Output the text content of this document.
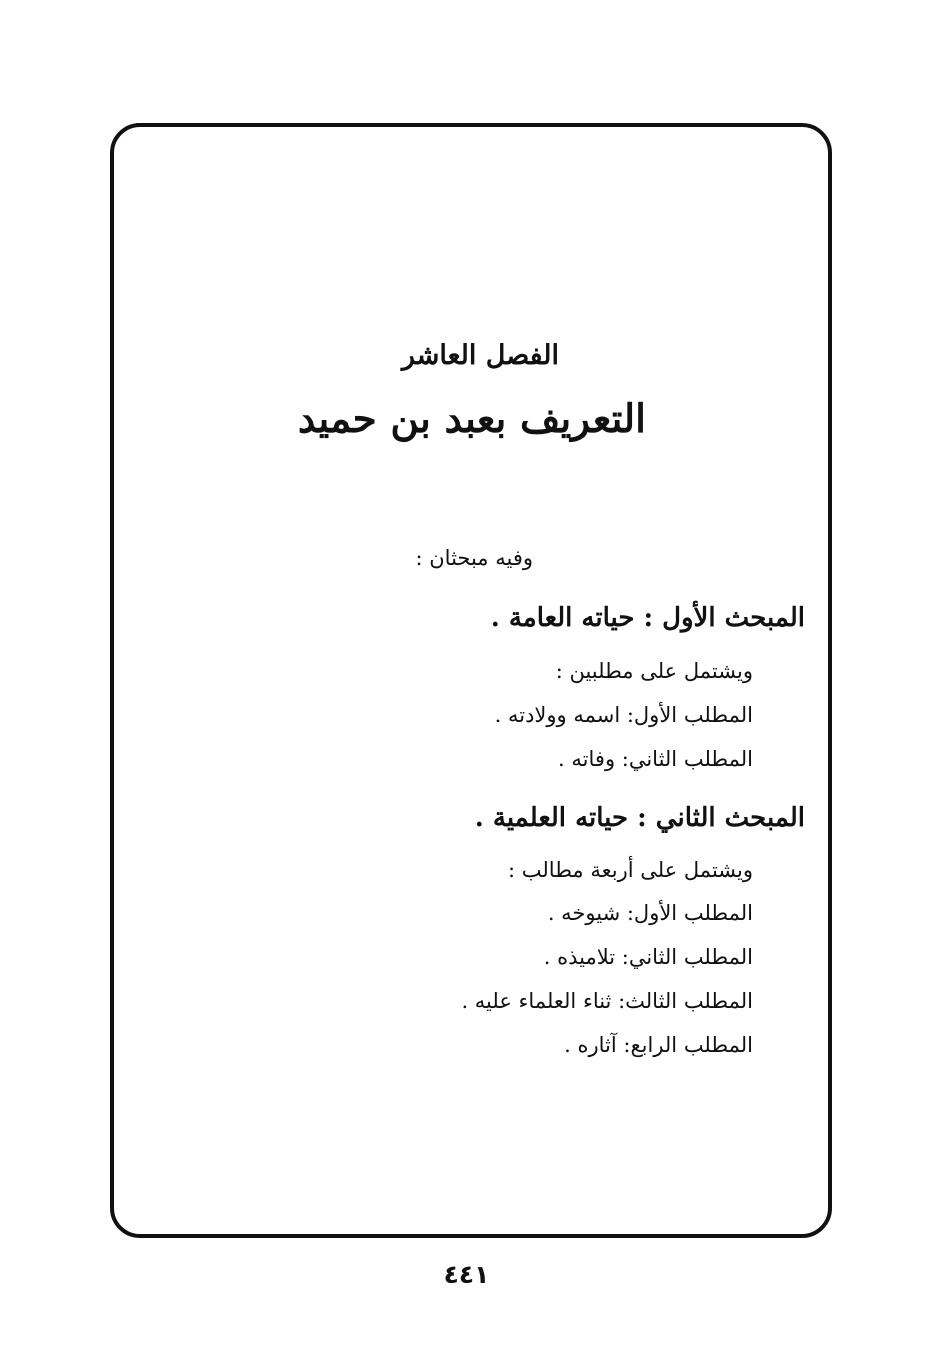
الفصل العاشر
التعريف بعبد بن حميد
وفيه مبحثان :
المبحث الأول : حياته العامة .
ويشتمل على مطلبين :
المطلب الأول: اسمه وولادته .
المطلب الثاني: وفاته .
المبحث الثاني : حياته العلمية .
ويشتمل على أربعة مطالب :
المطلب الأول: شيوخه .
المطلب الثاني: تلاميذه .
المطلب الثالث: ثناء العلماء عليه .
المطلب الرابع: آثاره .
٤٤١
